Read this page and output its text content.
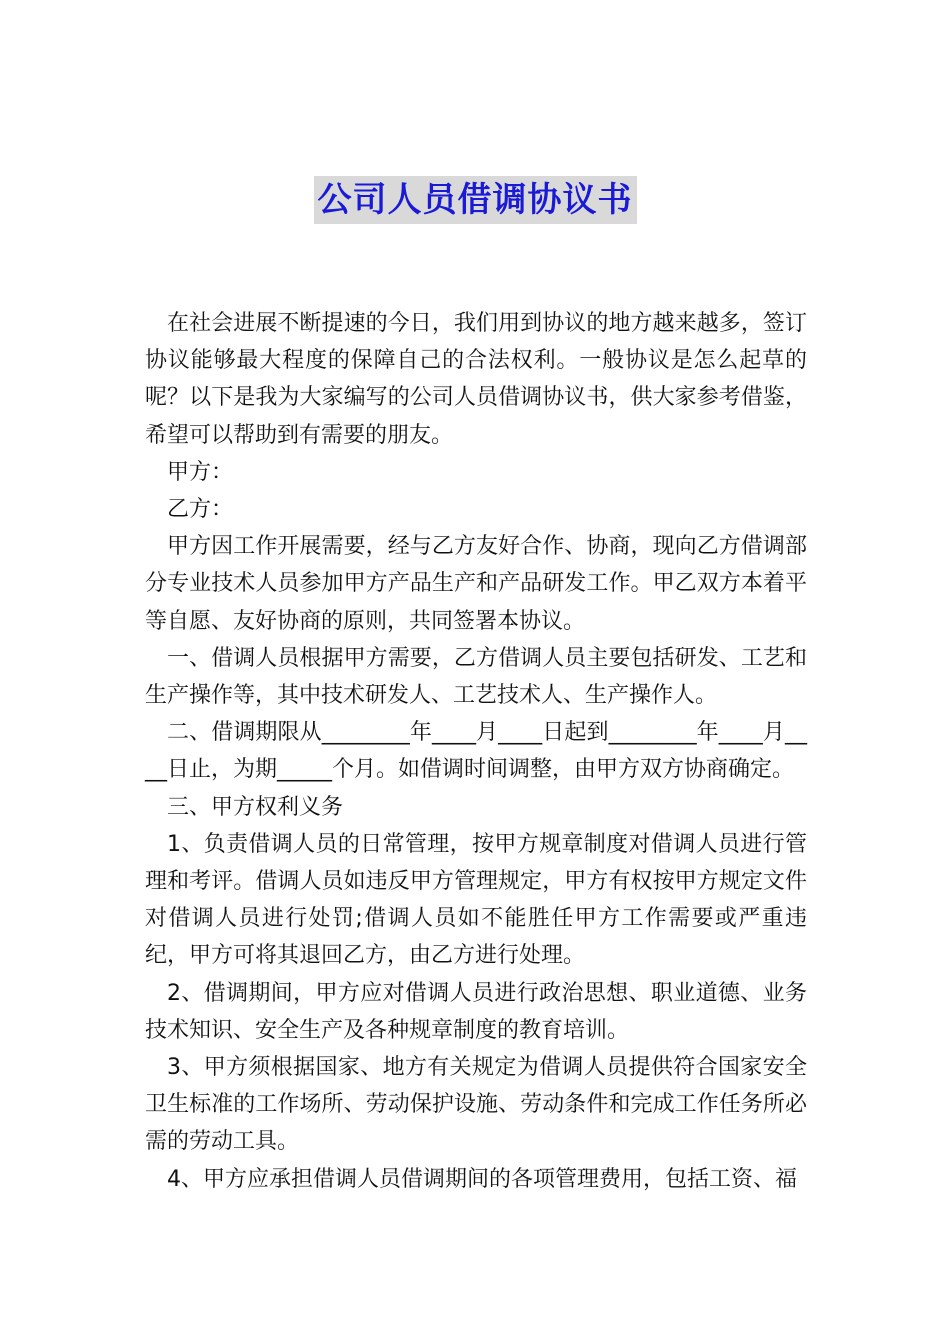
公司人员借调协议书

在社会进展不断提速的今日，我们用到协议的地方越来越多，签订协议能够最大程度的保障自己的合法权利。一般协议是怎么起草的呢？以下是我为大家编写的公司人员借调协议书，供大家参考借鉴，希望可以帮助到有需要的朋友。

甲方：

乙方：

甲方因工作开展需要，经与乙方友好合作、协商，现向乙方借调部分专业技术人员参加甲方产品生产和产品研发工作。甲乙双方本着平等自愿、友好协商的原则，共同签署本协议。

一、借调人员根据甲方需要，乙方借调人员主要包括研发、工艺和生产操作等，其中技术研发人、工艺技术人、生产操作人。

二、借调期限从________年____月____日起到________年____月____日止，为期_____个月。如借调时间调整，由甲方双方协商确定。

三、甲方权利义务

1、负责借调人员的日常管理，按甲方规章制度对借调人员进行管理和考评。借调人员如违反甲方管理规定，甲方有权按甲方规定文件对借调人员进行处罚;借调人员如不能胜任甲方工作需要或严重违纪，甲方可将其退回乙方，由乙方进行处理。

2、借调期间，甲方应对借调人员进行政治思想、职业道德、业务技术知识、安全生产及各种规章制度的教育培训。

3、甲方须根据国家、地方有关规定为借调人员提供符合国家安全卫生标准的工作场所、劳动保护设施、劳动条件和完成工作任务所必需的劳动工具。

4、甲方应承担借调人员借调期间的各项管理费用，包括工资、福
